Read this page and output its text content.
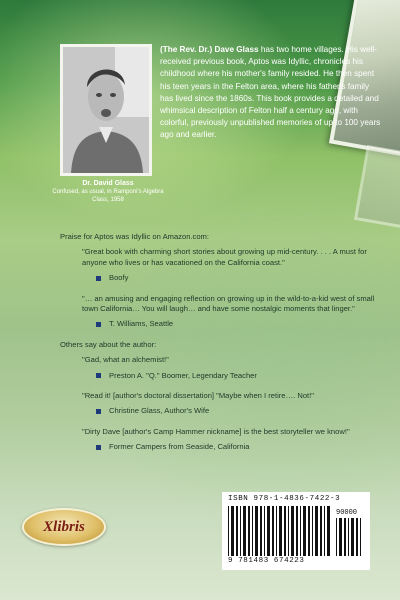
Dr. David Glass
Confused, as usual, in Ramponi's Algebra Class, 1958
(The Rev. Dr.) Dave Glass has two home villages. His well-received previous book, Aptos was Idyllic, chronicles his childhood where his mother's family resided. He then spent his teen years in the Felton area, where his father's family has lived since the 1860s. This book provides a detailed and whimsical description of Felton half a century ago, with colorful, previously unpublished memories of up to 100 years ago and earlier.
Praise for Aptos was Idyllic on Amazon.com:
"Great book with charming short stories about growing up mid-century. . . . A must for anyone who lives or has vacationed on the California coast."
Boofy
"… an amusing and engaging reflection on growing up in the wild-to-a-kid west of small town California… You will laugh… and have some nostalgic moments that linger."
T. Williams, Seattle
Others say about the author:
"Gad, what an alchemist!"
Preston A. "Q." Boomer, Legendary Teacher
"Read it! [author's doctoral dissertation] "Maybe when I retire…. Not!"
Christine Glass, Author's Wife
"Dirty Dave [author's Camp Hammer nickname] is the best storyteller we know!"
Former Campers from Seaside, California
Xlibris
ISBN 978-1-4836-7422-3
90000
9 781483 674223
